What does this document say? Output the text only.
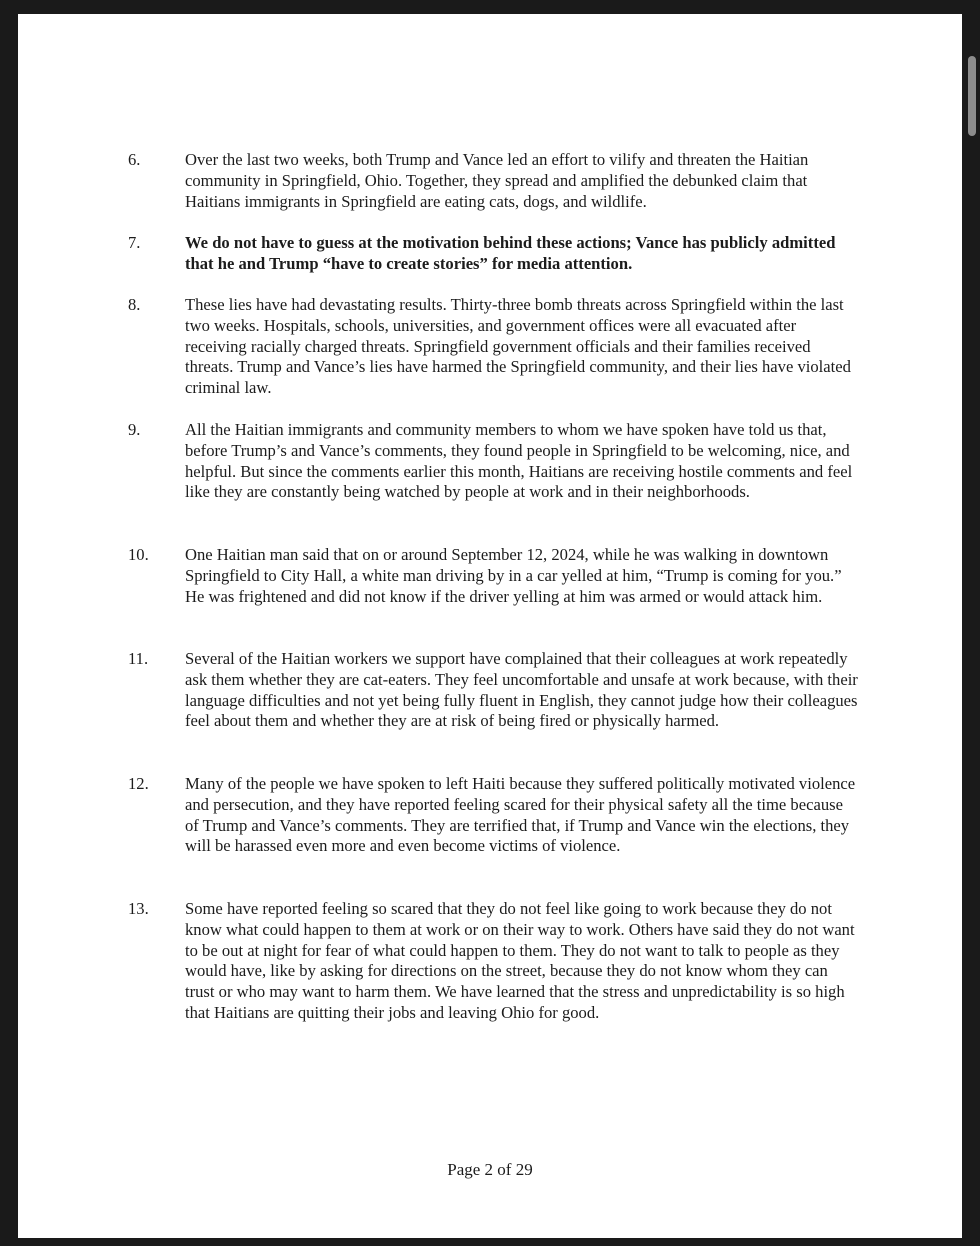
6.	Over the last two weeks, both Trump and Vance led an effort to vilify and threaten the Haitian community in Springfield, Ohio. Together, they spread and amplified the debunked claim that Haitians immigrants in Springfield are eating cats, dogs, and wildlife.
7.	We do not have to guess at the motivation behind these actions; Vance has publicly admitted that he and Trump “have to create stories” for media attention.
8.	These lies have had devastating results. Thirty-three bomb threats across Springfield within the last two weeks. Hospitals, schools, universities, and government offices were all evacuated after receiving racially charged threats. Springfield government officials and their families received threats. Trump and Vance’s lies have harmed the Springfield community, and their lies have violated criminal law.
9.	All the Haitian immigrants and community members to whom we have spoken have told us that, before Trump’s and Vance’s comments, they found people in Springfield to be welcoming, nice, and helpful. But since the comments earlier this month, Haitians are receiving hostile comments and feel like they are constantly being watched by people at work and in their neighborhoods.
10.	One Haitian man said that on or around September 12, 2024, while he was walking in downtown Springfield to City Hall, a white man driving by in a car yelled at him, “Trump is coming for you.” He was frightened and did not know if the driver yelling at him was armed or would attack him.
11.	Several of the Haitian workers we support have complained that their colleagues at work repeatedly ask them whether they are cat-eaters. They feel uncomfortable and unsafe at work because, with their language difficulties and not yet being fully fluent in English, they cannot judge how their colleagues feel about them and whether they are at risk of being fired or physically harmed.
12.	Many of the people we have spoken to left Haiti because they suffered politically motivated violence and persecution, and they have reported feeling scared for their physical safety all the time because of Trump and Vance’s comments. They are terrified that, if Trump and Vance win the elections, they will be harassed even more and even become victims of violence.
13.	Some have reported feeling so scared that they do not feel like going to work because they do not know what could happen to them at work or on their way to work. Others have said they do not want to be out at night for fear of what could happen to them. They do not want to talk to people as they would have, like by asking for directions on the street, because they do not know whom they can trust or who may want to harm them. We have learned that the stress and unpredictability is so high that Haitians are quitting their jobs and leaving Ohio for good.
Page 2 of 29
